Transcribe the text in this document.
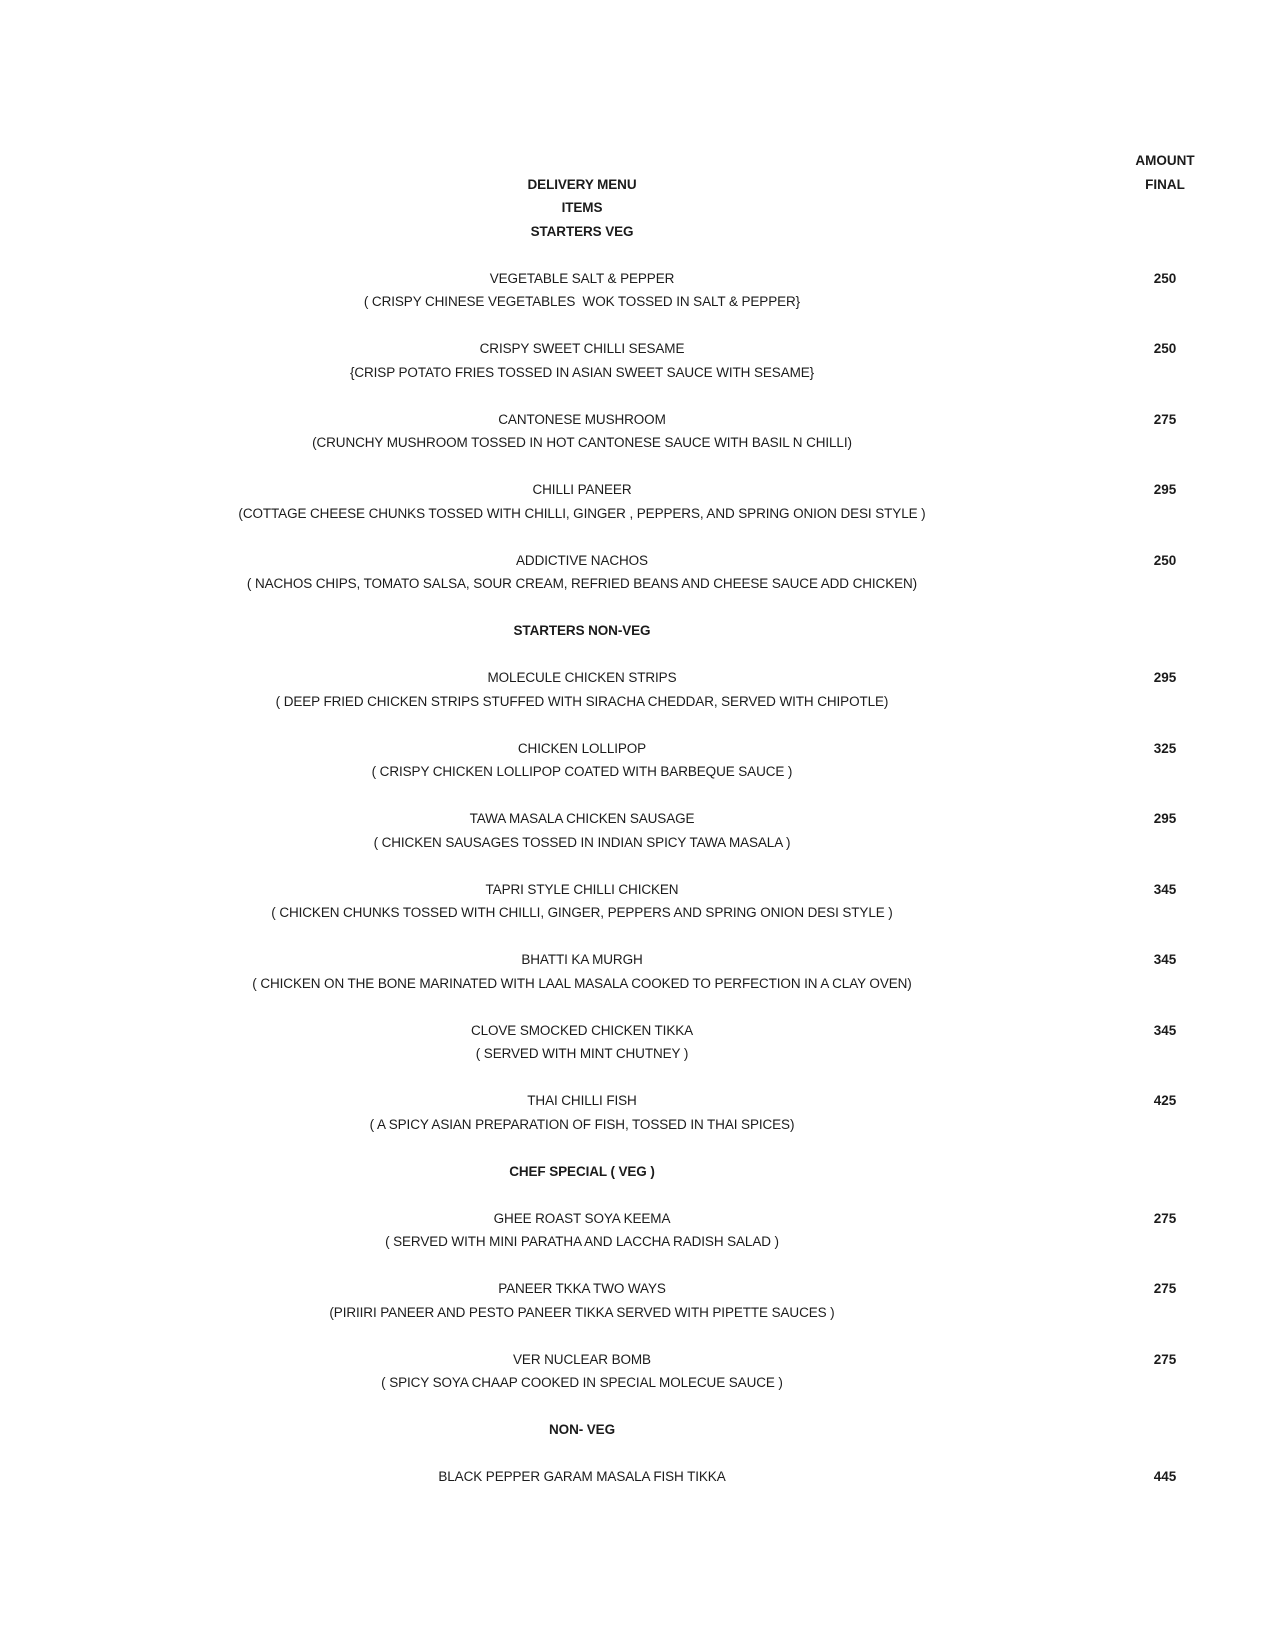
AMOUNT
DELIVERY MENU	FINAL
ITEMS
STARTERS VEG
VEGETABLE SALT & PEPPER	250
( CRISPY CHINESE VEGETABLES  WOK TOSSED IN SALT & PEPPER}
CRISPY SWEET CHILLI SESAME	250
{CRISP POTATO FRIES TOSSED IN ASIAN SWEET SAUCE WITH SESAME}
CANTONESE MUSHROOM	275
(CRUNCHY MUSHROOM TOSSED IN HOT CANTONESE SAUCE WITH BASIL N CHILLI)
CHILLI PANEER	295
(COTTAGE CHEESE CHUNKS TOSSED WITH CHILLI, GINGER , PEPPERS, AND SPRING ONION DESI STYLE )
ADDICTIVE NACHOS	250
( NACHOS CHIPS, TOMATO SALSA, SOUR CREAM, REFRIED BEANS AND CHEESE SAUCE ADD CHICKEN)
STARTERS NON-VEG
MOLECULE CHICKEN STRIPS	295
( DEEP FRIED CHICKEN STRIPS STUFFED WITH SIRACHA CHEDDAR, SERVED WITH CHIPOTLE)
CHICKEN LOLLIPOP	325
( CRISPY CHICKEN LOLLIPOP COATED WITH BARBEQUE SAUCE )
TAWA MASALA CHICKEN SAUSAGE	295
( CHICKEN SAUSAGES TOSSED IN INDIAN SPICY TAWA MASALA )
TAPRI STYLE CHILLI CHICKEN	345
( CHICKEN CHUNKS TOSSED WITH CHILLI, GINGER, PEPPERS AND SPRING ONION DESI STYLE )
BHATTI KA MURGH	345
( CHICKEN ON THE BONE MARINATED WITH LAAL MASALA COOKED TO PERFECTION IN A CLAY OVEN)
CLOVE SMOCKED CHICKEN TIKKA	345
( SERVED WITH MINT CHUTNEY )
THAI CHILLI FISH	425
( A SPICY ASIAN PREPARATION OF FISH, TOSSED IN THAI SPICES)
CHEF SPECIAL ( VEG )
GHEE ROAST SOYA KEEMA	275
( SERVED WITH MINI PARATHA AND LACCHA RADISH SALAD )
PANEER TKKA TWO WAYS	275
(PIRIIRI PANEER AND PESTO PANEER TIKKA SERVED WITH PIPETTE SAUCES )
VER NUCLEAR BOMB	275
( SPICY SOYA CHAAP COOKED IN SPECIAL MOLECUE SAUCE )
NON- VEG
BLACK PEPPER GARAM MASALA FISH TIKKA	445
